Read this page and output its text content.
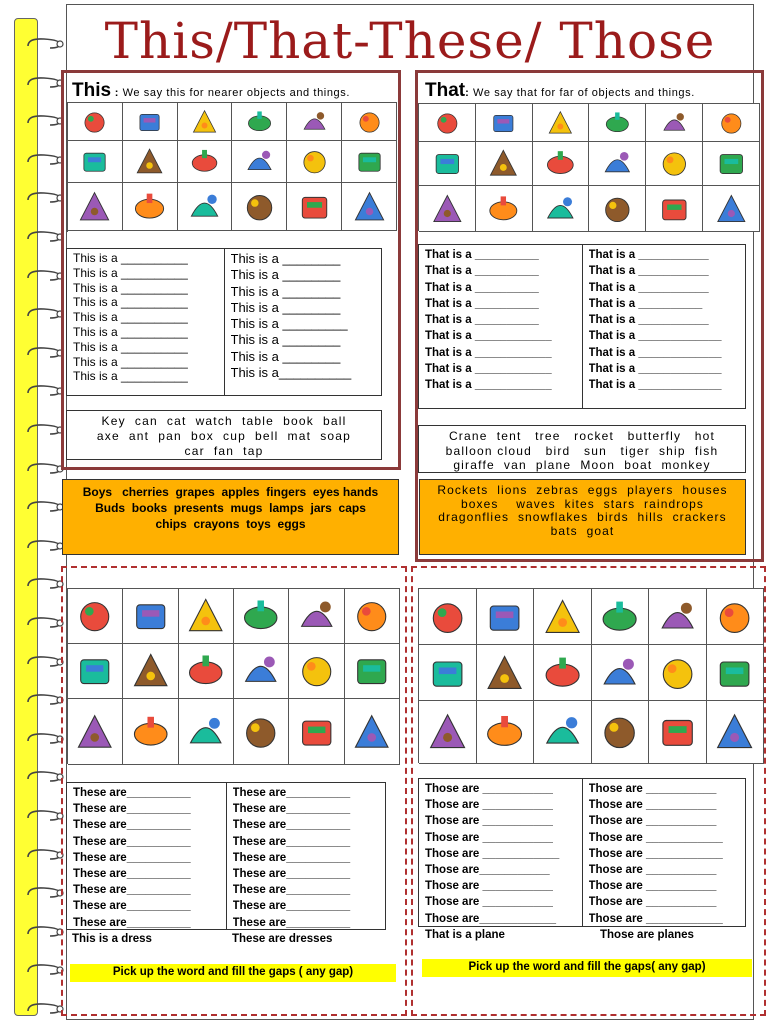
This/That-These/ Those
This : We say this for nearer objects and things.
This is a __________
This is a __________
This is a __________
This is a __________
This is a __________
This is a __________
This is a __________
This is a __________
This is a __________
This is a ________
This is a ________
This is a ________
This is a ________
This is a _________
This is a ________
This is a ________
This is a__________
Key  can  cat  watch  table  book  ball
axe  ant  pan  box  cup  bell  mat  soap
car  fan  tap
That: We say that for far of objects and things.
That is a __________
That is a __________
That is a __________
That is a __________
That is a __________
That is a ____________
That is a ____________
That is a ____________
That is a ____________
That is a ___________
That is a ___________
That is a ___________
That is a __________
That is a ___________
That is a _____________
That is a _____________
That is a _____________
That is a _____________
Crane  tent   tree   rocket   butterfly   hot
balloon cloud   bird   sun   tiger  ship  fish
giraffe  van  plane  Moon  boat  monkey
Boys   cherries  grapes  apples  fingers  eyes hands
Buds  books  presents  mugs  lamps  jars  caps
chips  crayons  toys  eggs
Rockets  lions  zebras  eggs  players  houses
boxes    waves  kites  stars  raindrops
dragonflies  snowflakes  birds  hills  crackers
bats  goat
These are__________
These are__________
These are__________
These are__________
These are__________
These are__________
These are__________
These are__________
These are__________
These are__________
These are__________
These are__________
These are__________
These are__________
These are__________
These are__________
These are__________
These are__________
This is a dress	These are dresses
Pick up the word and fill the gaps ( any gap)
Those are ___________
Those are ___________
Those are ___________
Those are ___________
Those are ____________
Those are___________
Those are ___________
Those are ___________
Those are____________
Those are ___________
Those are ___________
Those are ___________
Those are ____________
Those are ____________
Those are ___________
Those are ___________
Those are ___________
Those are ____________
That is a plane	Those are planes
Pick up the word and fill the gaps( any gap)
